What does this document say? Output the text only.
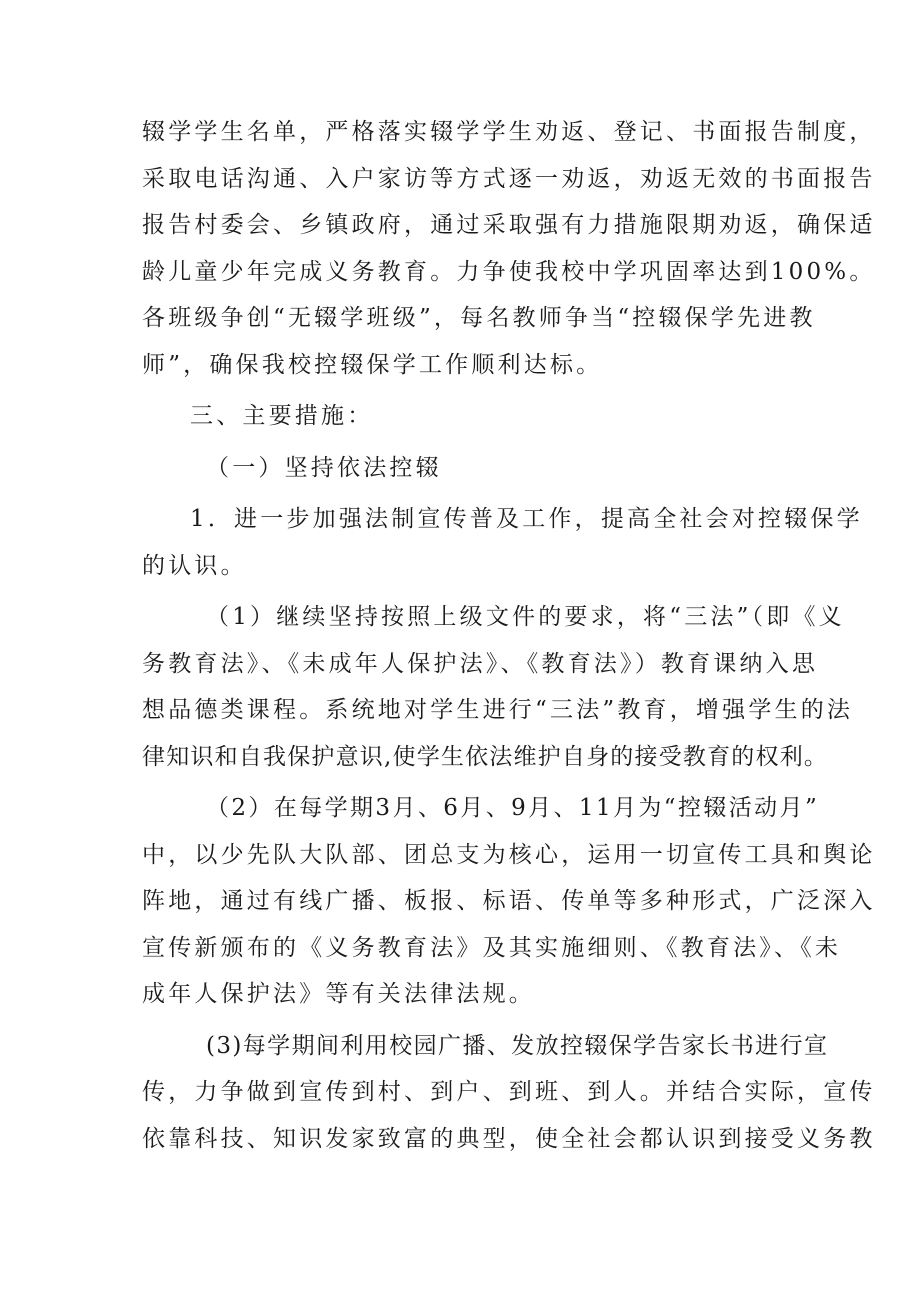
辍学学生名单，严格落实辍学学生劝返、登记、书面报告制度，
采取电话沟通、入户家访等方式逐一劝返，劝返无效的书面报告
报告村委会、乡镇政府，通过采取强有力措施限期劝返，确保适
龄儿童少年完成义务教育。力争使我校中学巩固率达到100%。
各班级争创“无辍学班级”，每名教师争当“控辍保学先进教
师”，确保我校控辍保学工作顺利达标。
三、主要措施：
（一）坚持依法控辍
1．进一步加强法制宣传普及工作，提高全社会对控辍保学
的认识。
（1）继续坚持按照上级文件的要求，将“三法”（即《义
务教育法》、《未成年人保护法》、《教育法》）教育课纳入思
想品德类课程。系统地对学生进行“三法”教育，增强学生的法
律知识和自我保护意识,使学生依法维护自身的接受教育的权利。
（2）在每学期3月、6月、9月、11月为“控辍活动月”
中，以少先队大队部、团总支为核心，运用一切宣传工具和舆论
阵地，通过有线广播、板报、标语、传单等多种形式，广泛深入
宣传新颁布的《义务教育法》及其实施细则、《教育法》、《未
成年人保护法》等有关法律法规。
(3)每学期间利用校园广播、发放控辍保学告家长书进行宣
传，力争做到宣传到村、到户、到班、到人。并结合实际，宣传
依靠科技、知识发家致富的典型，使全社会都认识到接受义务教
